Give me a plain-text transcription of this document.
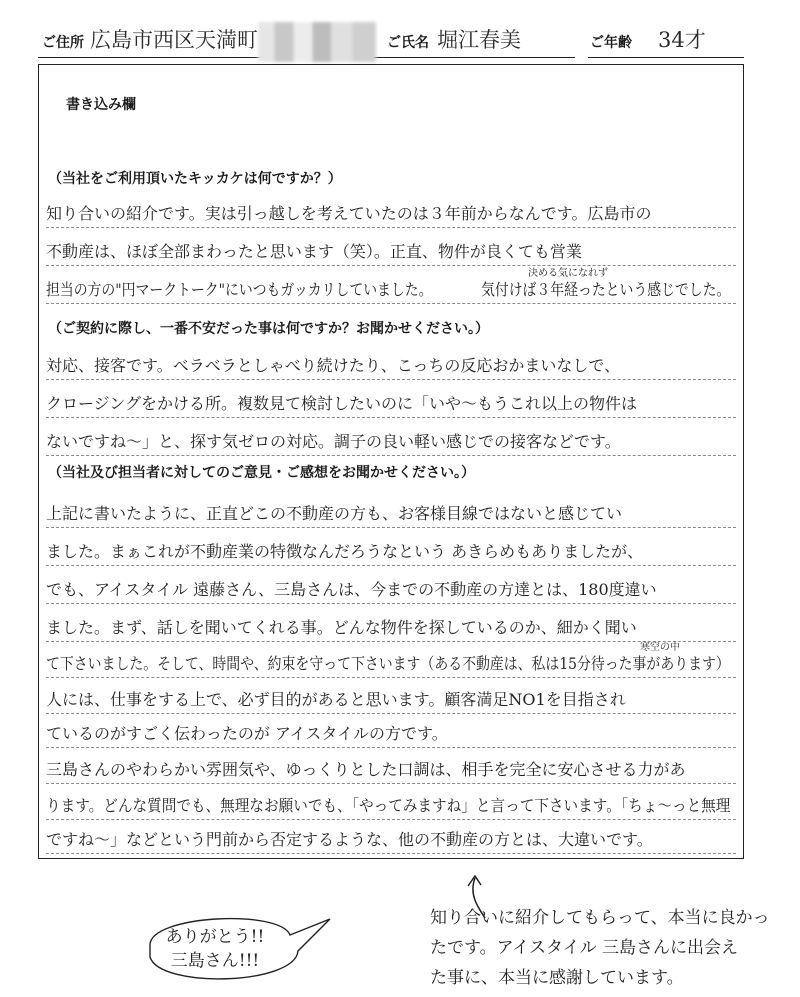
ご住所 広島市西区天満町	ご氏名 堀江春美	ご年齢 34才
書き込み欄
（当社をご利用頂いたキッカケは何ですか？）
知り合いの紹介です。実は引っ越しを考えていたのは３年前からなんです。広島市の
不動産は、ほぼ全部まわったと思います（笑）。正直、物件が良くても営業
決める気になれず
担当の方の"円マークトーク"にいつもガッカリしていました。　　　　気付けば３年経ったという感じでした。
（ご契約に際し、一番不安だった事は何ですか？お聞かせください。）
対応、接客です。ベラベラとしゃべり続けたり、こっちの反応おかまいなしで、
クロージングをかける所。複数見て検討したいのに「いや～もうこれ以上の物件は
ないですね～」と、探す気ゼロの対応。調子の良い軽い感じでの接客などです。
（当社及び担当者に対してのご意見・ご感想をお聞かせください。）
上記に書いたように、正直どこの不動産の方も、お客様目線ではないと感じてい
ました。まぁこれが不動産業の特徴なんだろうなという あきらめもありましたが、
でも、アイスタイル 遠藤さん、三島さんは、今までの不動産の方達とは、180度違い
ました。まず、話しを聞いてくれる事。どんな物件を探しているのか、細かく聞い
寒空の中
て下さいました。そして、時間や、約束を守って下さいます（ある不動産は、私は15分待った事があります）
人には、仕事をする上で、必ず目的があると思います。顧客満足NO1を目指され
ているのがすごく伝わったのが アイスタイルの方です。
三島さんのやわらかい雰囲気や、ゆっくりとした口調は、相手を完全に安心させる力があ
ります。どんな質問でも、無理なお願いでも、「やってみますね」と言って下さいます。「ちょ～っと無理
ですね～」などという門前から否定するような、他の不動産の方とは、大違いです。
ありがとう!!
三島さん!!!
知り合いに紹介してもらって、本当に良かっ
たです。アイスタイル 三島さんに出会え
た事に、本当に感謝しています。
